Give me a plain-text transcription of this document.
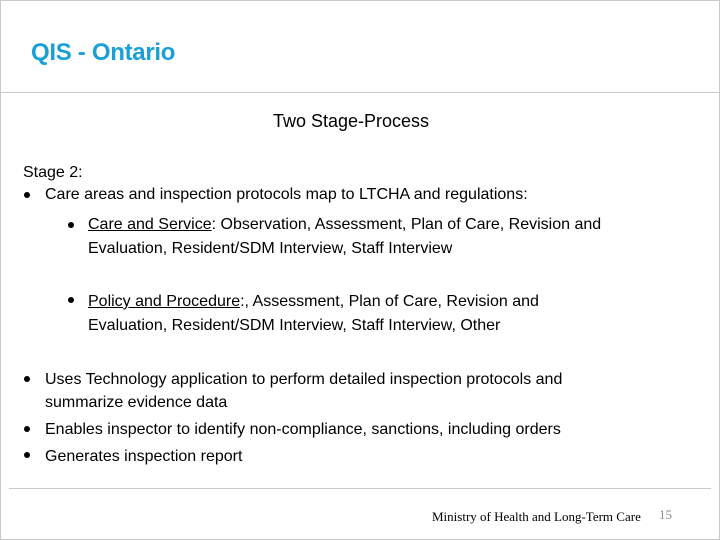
QIS - Ontario
Two Stage-Process
Stage 2:
Care areas and inspection protocols map to LTCHA and regulations:
Care and Service: Observation, Assessment, Plan of Care, Revision and
Evaluation, Resident/SDM Interview, Staff Interview
Policy and Procedure:, Assessment, Plan of Care, Revision and
Evaluation, Resident/SDM Interview, Staff Interview, Other
Uses Technology application to perform detailed inspection protocols and
summarize evidence data
Enables inspector to identify non-compliance, sanctions, including orders
Generates inspection report
Ministry of Health and Long-Term Care 15
